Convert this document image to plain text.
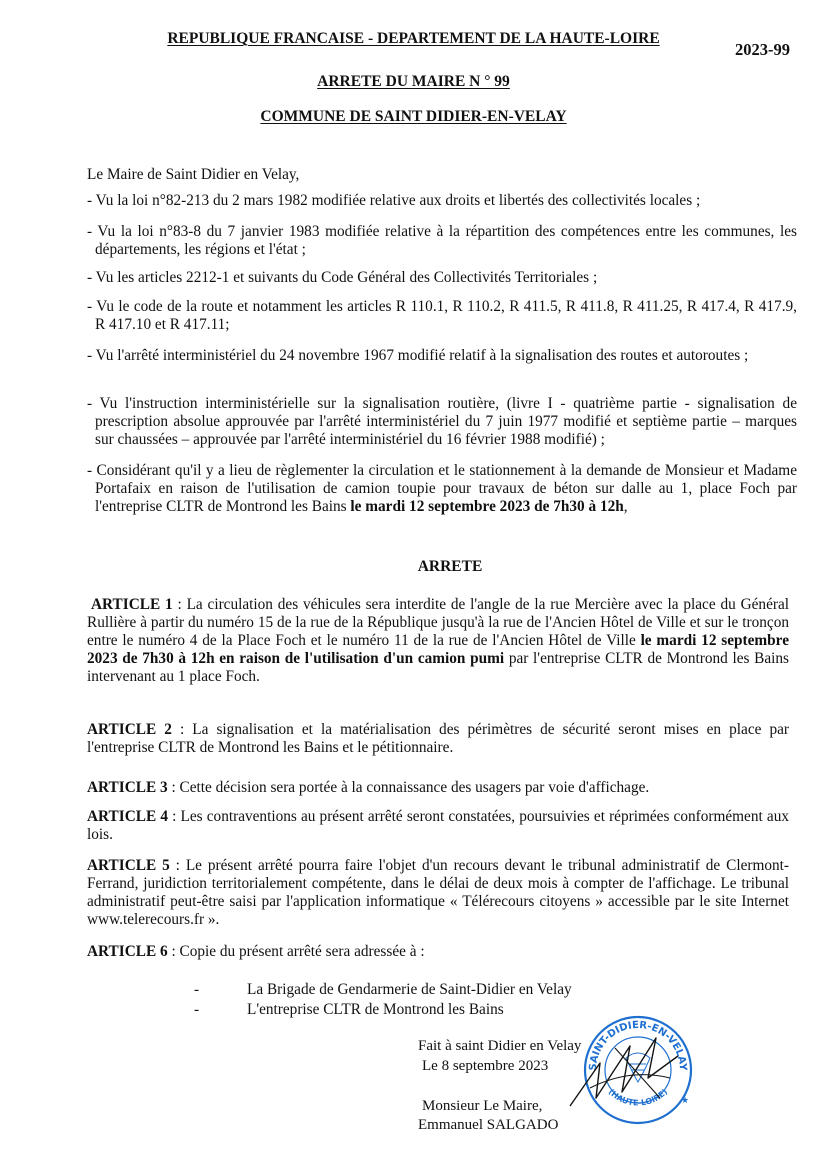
REPUBLIQUE FRANCAISE - DEPARTEMENT DE LA HAUTE-LOIRE
2023-99
ARRETE DU MAIRE N ° 99
COMMUNE DE SAINT DIDIER-EN-VELAY
Le Maire de Saint Didier en Velay,
- Vu la loi n°82-213 du 2 mars 1982 modifiée relative aux droits et libertés des collectivités locales ;
- Vu la loi n°83-8 du 7 janvier 1983 modifiée relative à la répartition des compétences entre les communes, les départements, les régions et l'état ;
- Vu les articles 2212-1 et suivants du Code Général des Collectivités Territoriales ;
- Vu le code de la route et notamment les articles R 110.1, R 110.2, R 411.5, R 411.8, R 411.25, R 417.4, R 417.9, R 417.10 et R 417.11;
- Vu l'arrêté interministériel du 24 novembre 1967 modifié relatif à la signalisation des routes et autoroutes ;
- Vu l'instruction interministérielle sur la signalisation routière, (livre I - quatrième partie - signalisation de prescription absolue approuvée par l'arrêté interministériel du 7 juin 1977 modifié et septième partie – marques sur chaussées – approuvée par l'arrêté interministériel du 16 février 1988 modifié) ;
- Considérant qu'il y a lieu de règlementer la circulation et le stationnement à la demande de Monsieur et Madame Portafaix en raison de l'utilisation de camion toupie pour travaux de béton sur dalle au 1, place Foch par l'entreprise CLTR de Montrond les Bains le mardi 12 septembre 2023 de 7h30 à 12h,
ARRETE
ARTICLE 1 : La circulation des véhicules sera interdite de l'angle de la rue Mercière avec la place du Général Rullière à partir du numéro 15 de la rue de la République jusqu'à la rue de l'Ancien Hôtel de Ville et sur le tronçon entre le numéro 4 de la Place Foch et le numéro 11 de la rue de l'Ancien Hôtel de Ville le mardi 12 septembre 2023 de 7h30 à 12h en raison de l'utilisation d'un camion pumi par l'entreprise CLTR de Montrond les Bains intervenant au 1 place Foch.
ARTICLE 2 : La signalisation et la matérialisation des périmètres de sécurité seront mises en place par l'entreprise CLTR de Montrond les Bains et le pétitionnaire.
ARTICLE 3 : Cette décision sera portée à la connaissance des usagers par voie d'affichage.
ARTICLE 4 : Les contraventions au présent arrêté seront constatées, poursuivies et réprimées conformément aux lois.
ARTICLE 5 : Le présent arrêté pourra faire l'objet d'un recours devant le tribunal administratif de Clermont-Ferrand, juridiction territorialement compétente, dans le délai de deux mois à compter de l'affichage. Le tribunal administratif peut-être saisi par l'application informatique « Télérecours citoyens » accessible par le site Internet www.telerecours.fr ».
ARTICLE 6 : Copie du présent arrêté sera adressée à :
-	La Brigade de Gendarmerie de Saint-Didier en Velay
-	L'entreprise CLTR de Montrond les Bains
SAINT-DIDIER-EN-VELAY
(HAUTE-LOIRE)
★
Fait à saint Didier en Velay
Le 8 septembre 2023
Monsieur Le Maire,
Emmanuel SALGADO
